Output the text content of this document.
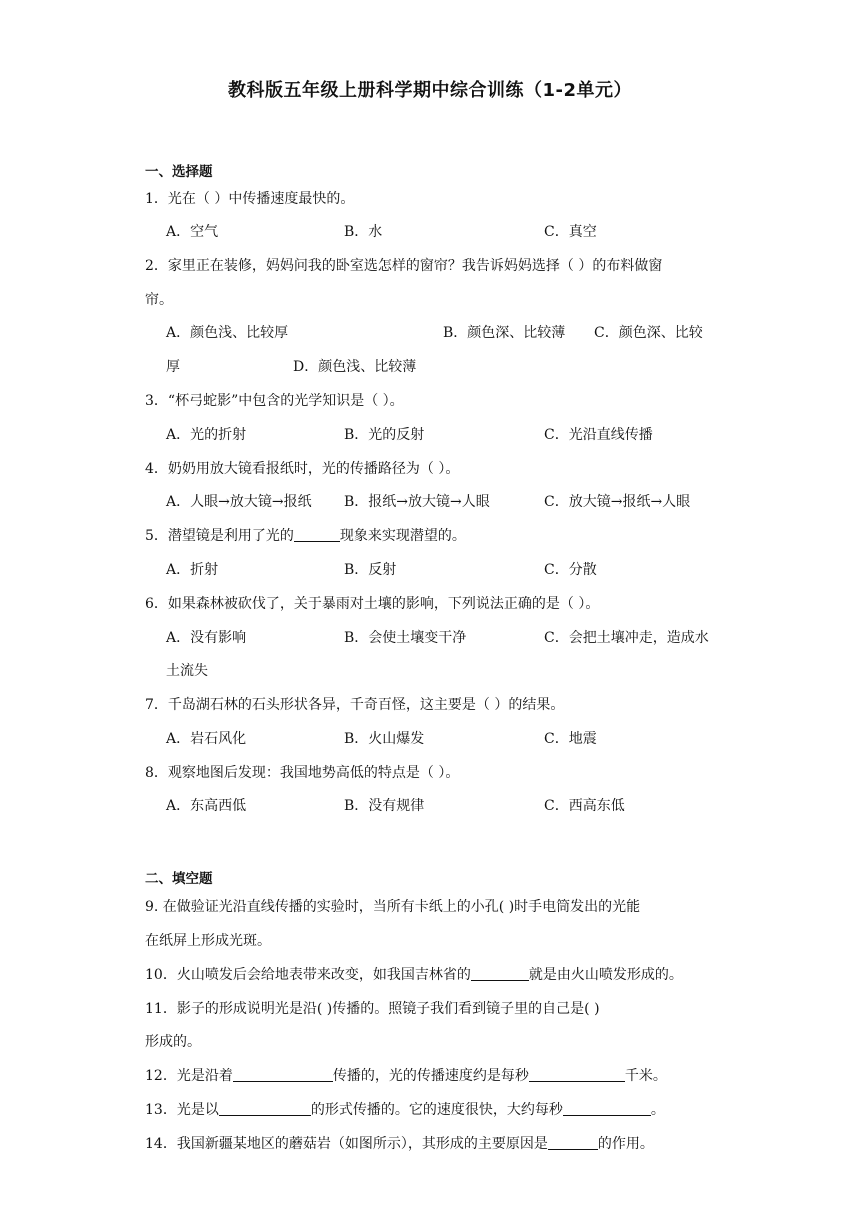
教科版五年级上册科学期中综合训练（1-2单元）
一、选择题
1．光在（ ）中传播速度最快的。
A．空气	B．水	C．真空
2．家里正在装修，妈妈问我的卧室选怎样的窗帘？我告诉妈妈选择（ ）的布料做窗
帘。
A．颜色浅、比较厚	B．颜色深、比较薄 C．颜色深、比较
厚	D．颜色浅、比较薄
3．“杯弓蛇影”中包含的光学知识是（ ）。
A．光的折射	B．光的反射	C．光沿直线传播
4．奶奶用放大镜看报纸时，光的传播路径为（ ）。
A．人眼→放大镜→报纸 B．报纸→放大镜→人眼	C．放大镜→报纸→人眼
5．潜望镜是利用了光的	现象来实现潜望的。
A．折射	B．反射	C．分散
6．如果森林被砍伐了，关于暴雨对土壤的影响，下列说法正确的是（ ）。
A．没有影响	B．会使土壤变干净	C．会把土壤冲走，造成水
土流失
7．千岛湖石林的石头形状各异，千奇百怪，这主要是（ ）的结果。
A．岩石风化	B．火山爆发	C．地震
8．观察地图后发现：我国地势高低的特点是（ ）。
A．东高西低	B．没有规律	C．西高东低
二、填空题
9. 在做验证光沿直线传播的实验时，当所有卡纸上的小孔( )时手电筒发出的光能
在纸屏上形成光斑。
10．火山喷发后会给地表带来改变，如我国吉林省的	就是由火山喷发形成的。
11．影子的形成说明光是沿( )传播的。照镜子我们看到镜子里的自己是( )
形成的。
12．光是沿着	传播的，光的传播速度约是每秒	千米。
13．光是以	的形式传播的。它的速度很快，大约每秒	。
14．我国新疆某地区的蘑菇岩（如图所示），其形成的主要原因是	的作用。
